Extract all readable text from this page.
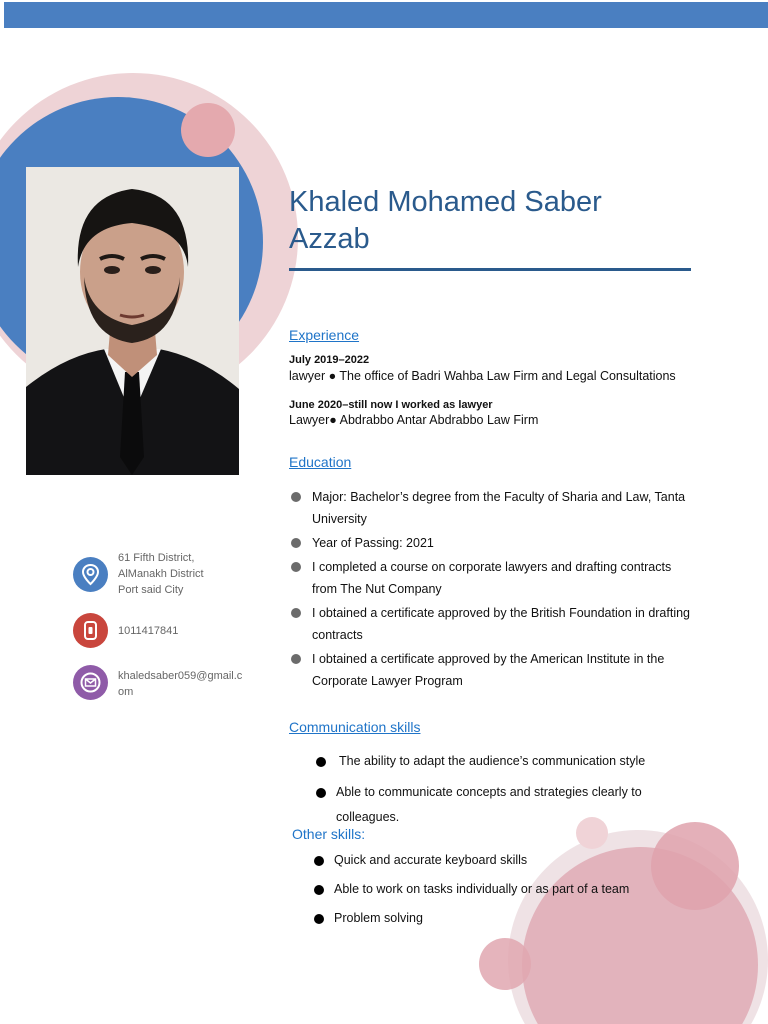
Khaled Mohamed Saber
Azzab
Experience
July 2019–2022
lawyer ● The office of Badri Wahba Law Firm and Legal Consultations
June 2020–still now I worked as lawyer
Lawyer● Abdrabbo Antar Abdrabbo Law Firm
Education
Major: Bachelor’s degree from the Faculty of Sharia and Law, Tanta University
Year of Passing: 2021
I completed a course on corporate lawyers and drafting contracts from The Nut Company
I obtained a certificate approved by the British Foundation in drafting contracts
I obtained a certificate approved by the American Institute in the Corporate Lawyer Program
Communication skills
The ability to adapt the audience’s communication style
Able to communicate concepts and strategies clearly to colleagues.
Other skills:
Quick and accurate keyboard skills
Able to work on tasks individually or as part of a team
Problem solving
61 Fifth District,
AlManakh District
Port said City
1011417841
khaledsaber059@gmail.c
om
